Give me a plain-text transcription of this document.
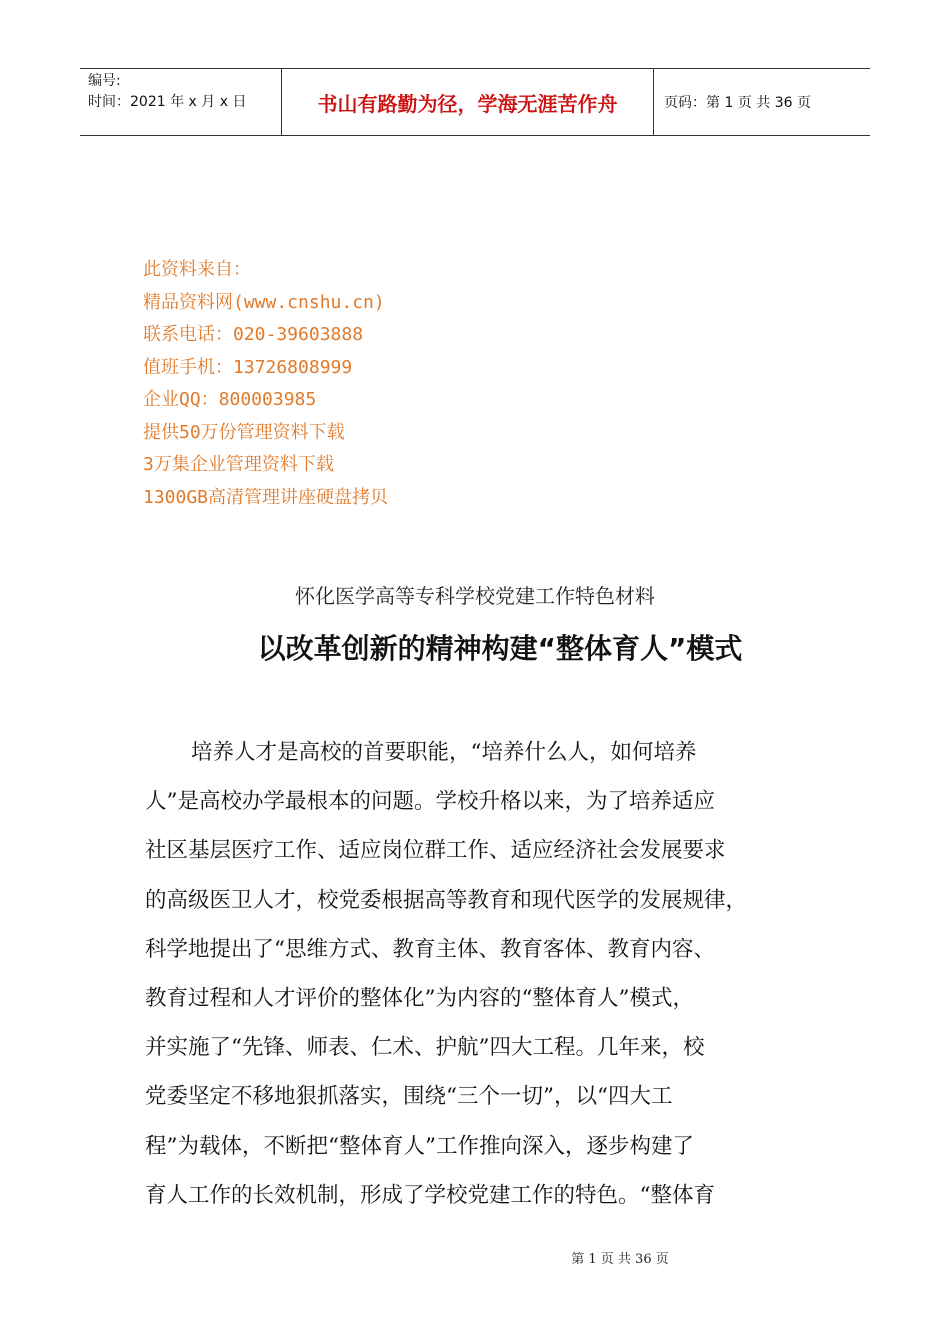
编号:
时间：2021 年 x 月 x 日	书山有路勤为径，学海无涯苦作舟	页码：第 1 页 共 36 页
此资料来自：
精品资料网(www.cnshu.cn)
联系电话：020-39603888
值班手机：13726808999
企业QQ：800003985
提供50万份管理资料下载
3万集企业管理资料下载
1300GB高清管理讲座硬盘拷贝
怀化医学高等专科学校党建工作特色材料
以改革创新的精神构建“整体育人”模式
培养人才是高校的首要职能，“培养什么人，如何培养
人”是高校办学最根本的问题。学校升格以来，为了培养适应
社区基层医疗工作、适应岗位群工作、适应经济社会发展要求
的高级医卫人才，校党委根据高等教育和现代医学的发展规律，
科学地提出了“思维方式、教育主体、教育客体、教育内容、
教育过程和人才评价的整体化”为内容的“整体育人”模式，
并实施了“先锋、师表、仁术、护航”四大工程。几年来，校
党委坚定不移地狠抓落实，围绕“三个一切”，以“四大工
程”为载体，不断把“整体育人”工作推向深入，逐步构建了
育人工作的长效机制，形成了学校党建工作的特色。“整体育
第 1 页 共 36 页
